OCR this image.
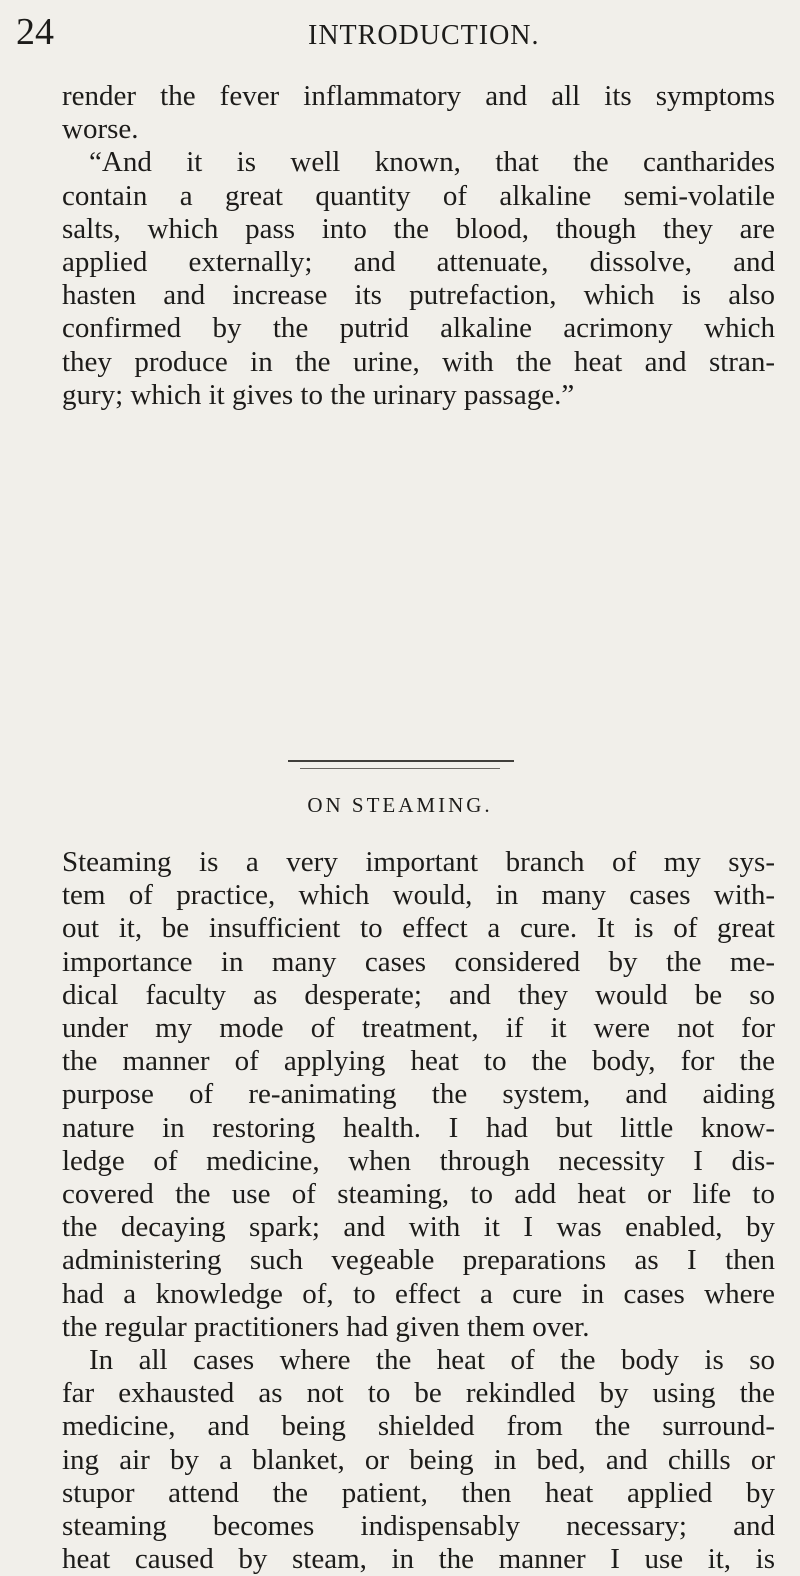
24	INTRODUCTION.
render the fever inflammatory and all its symptoms
worse.
“And it is well known, that the cantharides
contain a great quantity of alkaline semi-volatile
salts, which pass into the blood, though they are
applied externally; and attenuate, dissolve, and
hasten and increase its putrefaction, which is also
confirmed by the putrid alkaline acrimony which
they produce in the urine, with the heat and stran-
gury; which it gives to the urinary passage.”
ON STEAMING.
Steaming is a very important branch of my sys-
tem of practice, which would, in many cases with-
out it, be insufficient to effect a cure. It is of great
importance in many cases considered by the me-
dical faculty as desperate; and they would be so
under my mode of treatment, if it were not for
the manner of applying heat to the body, for the
purpose of re-animating the system, and aiding
nature in restoring health. I had but little know-
ledge of medicine, when through necessity I dis-
covered the use of steaming, to add heat or life to
the decaying spark; and with it I was enabled, by
administering such vegeable preparations as I then
had a knowledge of, to effect a cure in cases where
the regular practitioners had given them over.
In all cases where the heat of the body is so
far exhausted as not to be rekindled by using the
medicine, and being shielded from the surround-
ing air by a blanket, or being in bed, and chills or
stupor attend the patient, then heat applied by
steaming becomes indispensably necessary; and
heat caused by steam, in the manner I use it, is
